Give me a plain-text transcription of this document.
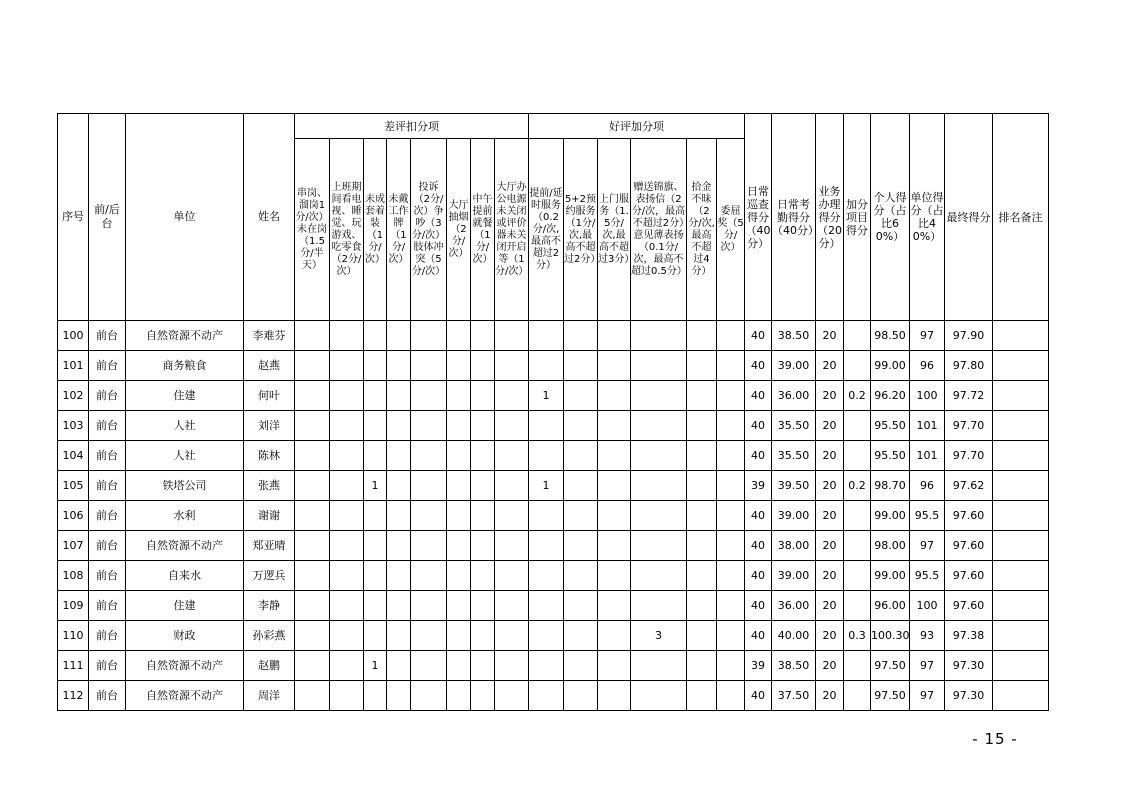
序号	前/后台	单位	姓名	差评扣分项								好评加分项						日常巡查得分（40分）	日常考勤得分（40分）	业务办理得分（20分）	加分项目得分	个人得分（占比60%）	单位得分（占比40%）	最终得分	排名备注
				串岗、溜岗1分/次）未在岗（1.5分/半天）	上班期间看电视、睡觉、玩游戏、吃零食（2分/次）	未成套着装（1分/次）	未戴工作牌（1分/次）	投诉（2分/次）争吵（3分/次）肢体冲突（5分/次）	大厅抽烟（2分/次）	中午提前就餐（1分/次）	大厅办公电源未关闭或评价器未关闭开启等（1分/次）	提前/延时服务（0.2分/次,最高不超过2分）	5+2预约服务（1分/次,最高不超过2分）	上门服务（1.5分/次,最高不超过3分）	赠送锦旗、表扬信（2分/次，最高不超过2分）意见薄表扬（0.1分/次，最高不超过0.5分）	拾金不昧（2分/次,最高不超过4分）	委屈奖（5分/次）								
100	前台	自然资源不动产	李难芬															40	38.50	20		98.50	97	97.90	
101	前台	商务粮食	赵燕															40	39.00	20		99.00	96	97.80	
102	前台	住建	何叶									1						40	36.00	20	0.2	96.20	100	97.72	
103	前台	人社	刘洋															40	35.50	20		95.50	101	97.70	
104	前台	人社	陈林															40	35.50	20		95.50	101	97.70	
105	前台	铁塔公司	张燕			1						1						39	39.50	20	0.2	98.70	96	97.62	
106	前台	水利	谢谢															40	39.00	20		99.00	95.5	97.60	
107	前台	自然资源不动产	郑亚晴															40	38.00	20		98.00	97	97.60	
108	前台	自来水	万逻兵															40	39.00	20		99.00	95.5	97.60	
109	前台	住建	李静															40	36.00	20		96.00	100	97.60	
110	前台	财政	孙彩燕												3			40	40.00	20	0.3	100.30	93	97.38	
111	前台	自然资源不动产	赵鹏			1												39	38.50	20		97.50	97	97.30	
112	前台	自然资源不动产	周洋															40	37.50	20		97.50	97	97.30	
- 15 -
